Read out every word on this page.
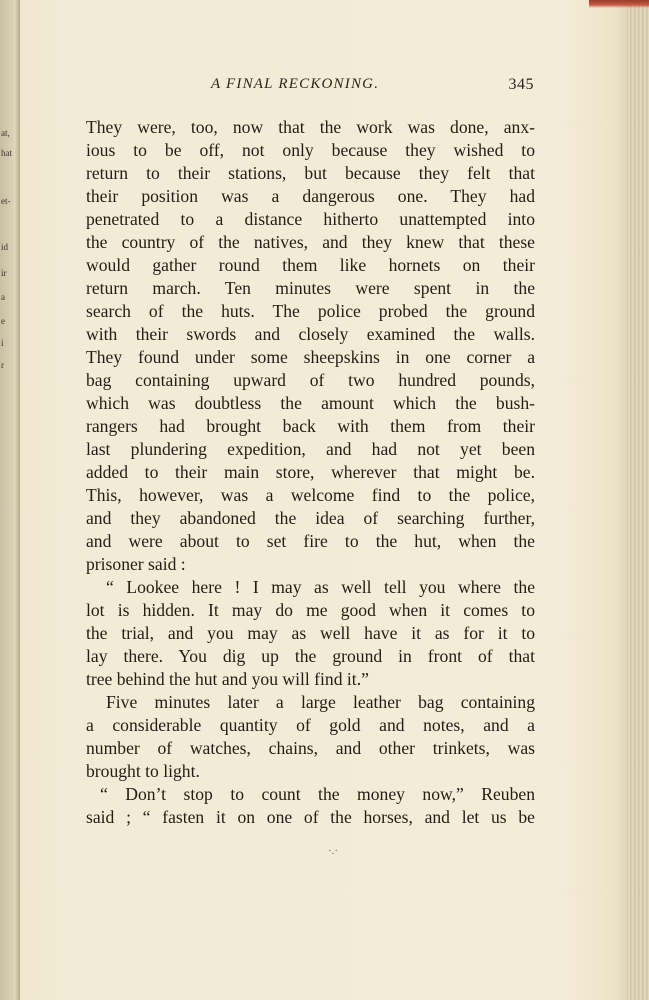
at,
hat
et-
id
ir
a
e
i
r
A FINAL RECKONING.	345
They were, too, now that the work was done, anx-
ious to be off, not only because they wished to
return to their stations, but because they felt that
their position was a dangerous one. They had
penetrated to a distance hitherto unattempted into
the country of the natives, and they knew that these
would gather round them like hornets on their
return march. Ten minutes were spent in the
search of the huts. The police probed the ground
with their swords and closely examined the walls.
They found under some sheepskins in one corner a
bag containing upward of two hundred pounds,
which was doubtless the amount which the bush-
rangers had brought back with them from their
last plundering expedition, and had not yet been
added to their main store, wherever that might be.
This, however, was a welcome find to the police,
and they abandoned the idea of searching further,
and were about to set fire to the hut, when the
prisoner said :
“ Lookee here ! I may as well tell you where the
lot is hidden. It may do me good when it comes to
the trial, and you may as well have it as for it to
lay there. You dig up the ground in front of that
tree behind the hut and you will find it.”
Five minutes later a large leather bag containing
a considerable quantity of gold and notes, and a
number of watches, chains, and other trinkets, was
brought to light.
“ Don’t stop to count the money now,” Reuben
said ; “ fasten it on one of the horses, and let us be
·.·
